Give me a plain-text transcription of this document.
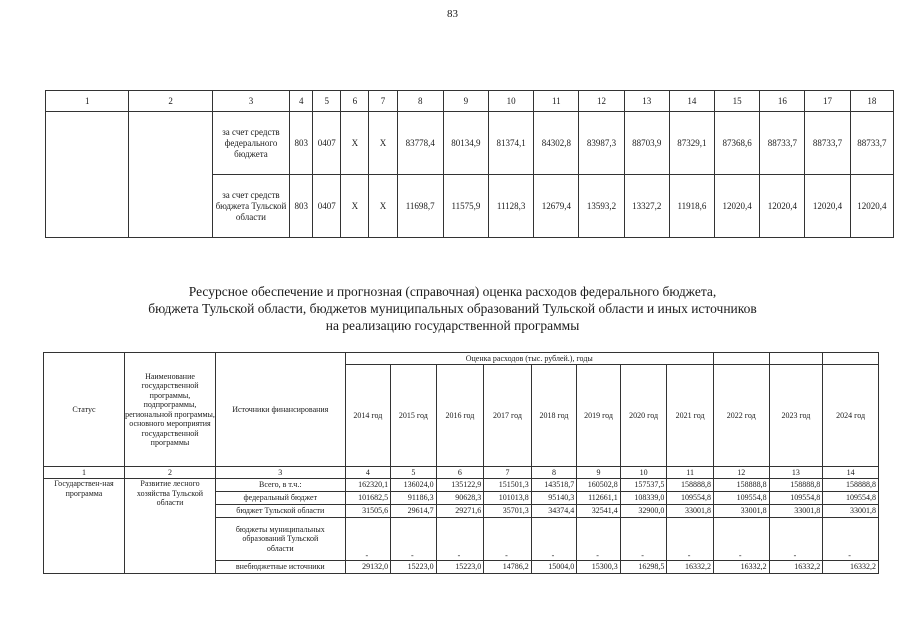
83
1	2	3	4	5	6	7	8	9	10	11	12	13	14	15	16	17	18
		за счет средств федерального бюджета	803	0407	Х	Х	83778,4	80134,9	81374,1	84302,8	83987,3	88703,9	87329,1	87368,6	88733,7	88733,7	88733,7
		за счет средств бюджета Тульской области	803	0407	Х	Х	11698,7	11575,9	11128,3	12679,4	13593,2	13327,2	11918,6	12020,4	12020,4	12020,4	12020,4
Ресурсное обеспечение и прогнозная (справочная) оценка расходов федерального бюджета,
бюджета Тульской области, бюджетов муниципальных образований Тульской области и иных источников
на реализацию государственной программы
Статус	Наименование государственной программы, подпрограммы, региональной программы, основного мероприятия государственной программы	Источники финансирования	Оценка расходов (тыс. рублей.), годы										
			2014 год	2015 год	2016 год	2017 год	2018 год	2019 год	2020 год	2021 год	2022 год	2023 год	2024 год
1	2	3	4	5	6	7	8	9	10	11	12	13	14
Государствен-ная программа	Развитие лесного хозяйства Тульской области	Всего, в т.ч.:	162320,1	136024,0	135122,9	151501,3	143518,7	160502,8	157537,5	158888,8	158888,8	158888,8	158888,8
		федеральный бюджет	101682,5	91186,3	90628,3	101013,8	95140,3	112661,1	108339,0	109554,8	109554,8	109554,8	109554,8
		бюджет Тульской области	31505,6	29614,7	29271,6	35701,3	34374,4	32541,4	32900,0	33001,8	33001,8	33001,8	33001,8
		бюджеты муниципальных образований Тульской области	-	-	-	-	-	-	-	-	-	-	-
		внебюджетные источники	29132,0	15223,0	15223,0	14786,2	15004,0	15300,3	16298,5	16332,2	16332,2	16332,2	16332,2
